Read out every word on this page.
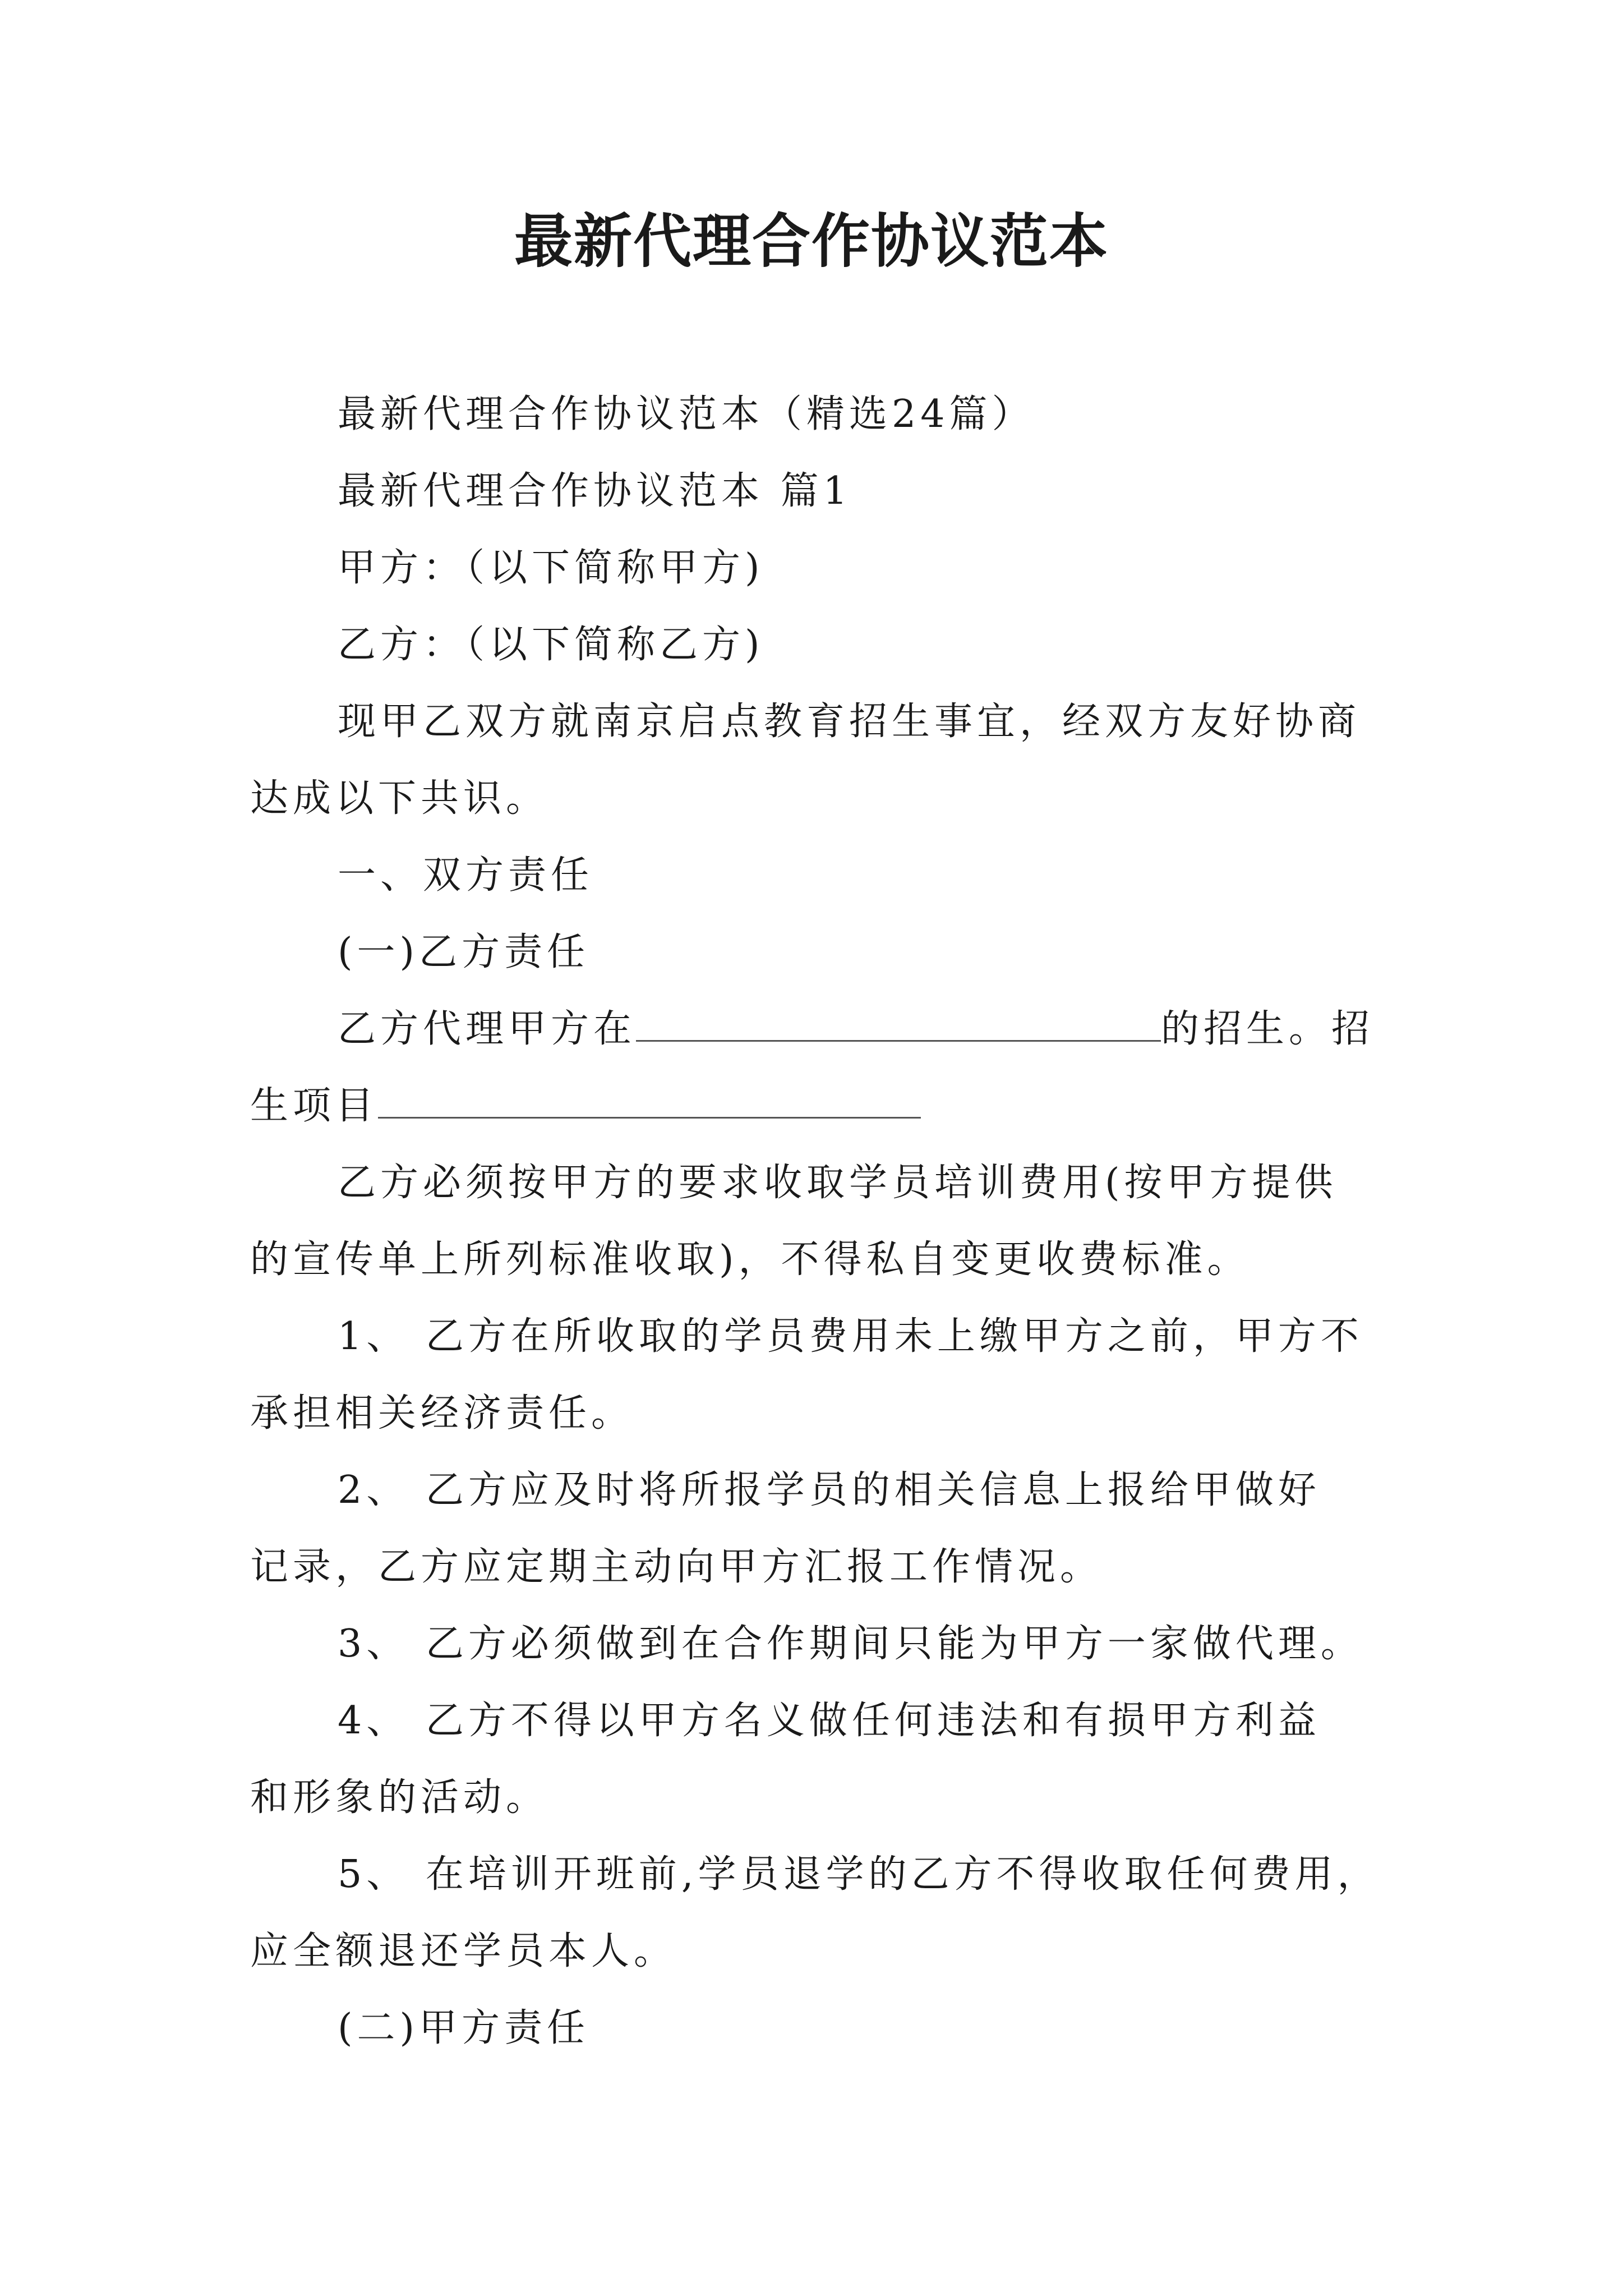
最新代理合作协议范本
最新代理合作协议范本（精选24篇）
最新代理合作协议范本 篇1
甲方：（以下简称甲方)
乙方：（以下简称乙方)
现甲乙双方就南京启点教育招生事宜，经双方友好协商
达成以下共识。
一、双方责任
(一)乙方责任
乙方代理甲方在	的招生。招
生项目
乙方必须按甲方的要求收取学员培训费用(按甲方提供
的宣传单上所列标准收取)，不得私自变更收费标准。
1、 乙方在所收取的学员费用未上缴甲方之前，甲方不
承担相关经济责任。
2、 乙方应及时将所报学员的相关信息上报给甲做好
记录，乙方应定期主动向甲方汇报工作情况。
3、 乙方必须做到在合作期间只能为甲方一家做代理。
4、 乙方不得以甲方名义做任何违法和有损甲方利益
和形象的活动。
5、 在培训开班前,学员退学的乙方不得收取任何费用，
应全额退还学员本人。
(二)甲方责任
